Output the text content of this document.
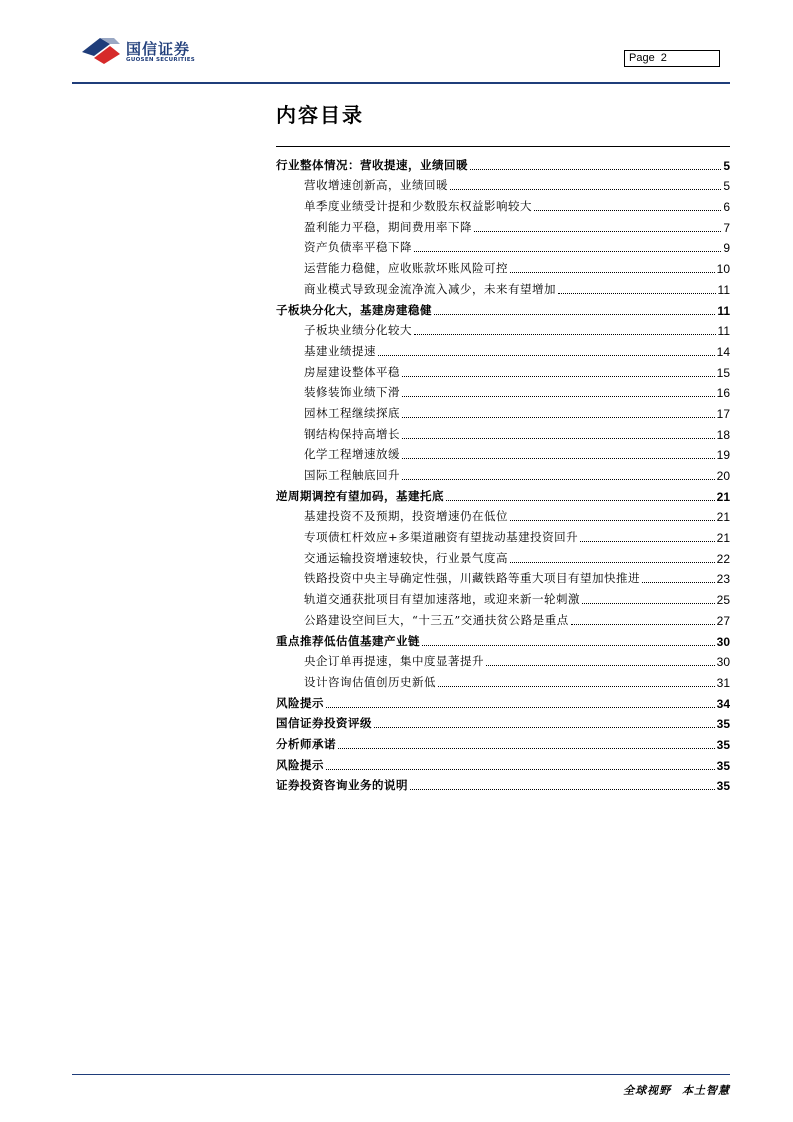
国信证券
GUOSEN SECURITIES	Page 2
内容目录
行业整体情况：营收提速，业绩回暖	5
营收增速创新高，业绩回暖	5
单季度业绩受计提和少数股东权益影响较大	6
盈利能力平稳，期间费用率下降	7
资产负债率平稳下降	9
运营能力稳健，应收账款坏账风险可控	10
商业模式导致现金流净流入减少，未来有望增加	11
子板块分化大，基建房建稳健	11
子板块业绩分化较大	11
基建业绩提速	14
房屋建设整体平稳	15
装修装饰业绩下滑	16
园林工程继续探底	17
钢结构保持高增长	18
化学工程增速放缓	19
国际工程触底回升	20
逆周期调控有望加码，基建托底	21
基建投资不及预期，投资增速仍在低位	21
专项债杠杆效应+多渠道融资有望拢动基建投资回升	21
交通运输投资增速较快，行业景气度高	22
铁路投资中央主导确定性强，川藏铁路等重大项目有望加快推进	23
轨道交通获批项目有望加速落地，或迎来新一轮刺激	25
公路建设空间巨大，“十三五”交通扶贫公路是重点	27
重点推荐低估值基建产业链	30
央企订单再提速，集中度显著提升	30
设计咨询估值创历史新低	31
风险提示	34
国信证券投资评级	35
分析师承诺	35
风险提示	35
证券投资咨询业务的说明	35
全球视野 本土智慧
